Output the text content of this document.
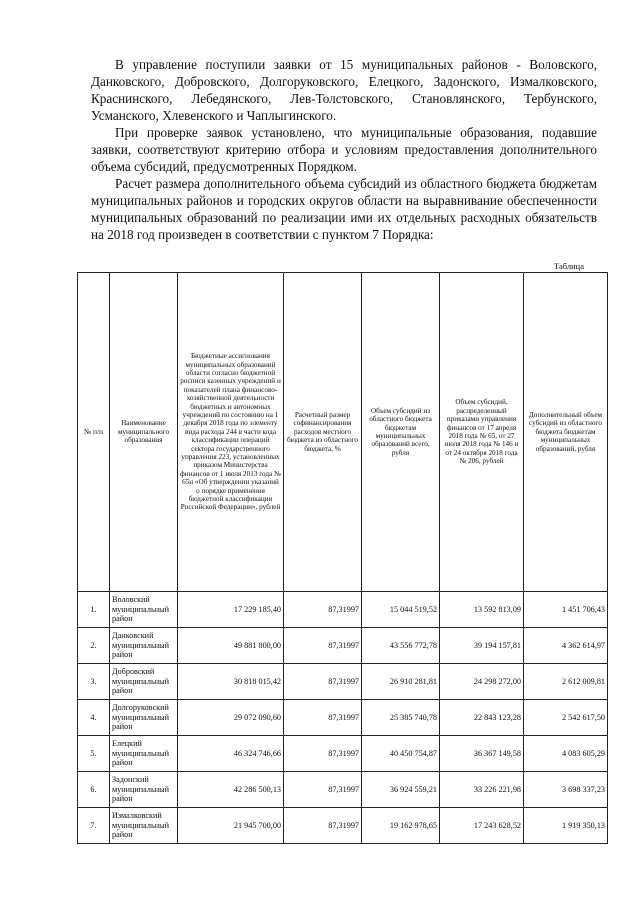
В управление поступили заявки от 15 муниципальных районов - Воловского, Данковского, Добровского, Долгоруковского, Елецкого, Задонского, Измалковского, Краснинского, Лебедянского, Лев-Толстовского, Становлянского, Тербунского, Усманского, Хлевенского и Чаплыгинского.

При проверке заявок установлено, что муниципальные образования, подавшие заявки, соответствуют критерию отбора и условиям предоставления дополнительного объема субсидий, предусмотренных Порядком.

Расчет размера дополнительного объема субсидий из областного бюджета бюджетам муниципальных районов и городских округов области на выравнивание обеспеченности муниципальных образований по реализации ими их отдельных расходных обязательств на 2018 год произведен в соответствии с пунктом 7 Порядка:

Таблица
№ п/п	Наименование муниципального образования	Бюджетные ассигнования муниципальных образований области согласно бюджетной росписи казенных учреждений и показателей плана финансово-хозяйственной деятельности бюджетных и автономных учреждений по состоянию на 1 декабря 2018 года по элементу вида расхода 244 в части кода классификации операций сектора государственного управления 223, установленных приказом Министерства финансов от 1 июля 2013 года № 65н «Об утверждении указаний о порядке применения бюджетной классификации Российской Федерации», рублей	Расчетный размер софинансирования расходов местного бюджета из областного бюджета, %	Объем субсидий из областного бюджета бюджетам муниципальных образований всего, рубля	Объем субсидий, распределенный приказами управления финансов от 17 апреля 2018 года № 65, от 27 июля 2018 года № 146 и от 24 октября 2018 года № 206, рублей	Дополнительный объем субсидий из областного бюджета бюджетам муниципальных образований, рубля
1.	Воловский муниципальный район	17 229 185,40	87,31997	15 044 519,52	13 592 813,09	1 451 706,43
2.	Данковский муниципальный район	49 881 800,00	87,31997	43 556 772,78	39 194 157,81	4 362 614,97
3.	Добровский муниципальный район	30 818 015,42	87,31997	26 910 281,81	24 298 272,00	2 612 009,81
4.	Долгоруковский муниципальный район	29 072 090,60	87,31997	25 385 740,78	22 843 123,28	2 542 617,50
5.	Елецкий муниципальный район	46 324 746,66	87,31997	40 450 754,87	36 367 149,58	4 083 605,29
6.	Задонский муниципальный район	42 286 500,13	87,31997	36 924 559,21	33 226 221,98	3 698 337,23
7.	Измалковский муниципальный район	21 945 700,00	87,31997	19 162 978,65	17 243 628,52	1 919 350,13
